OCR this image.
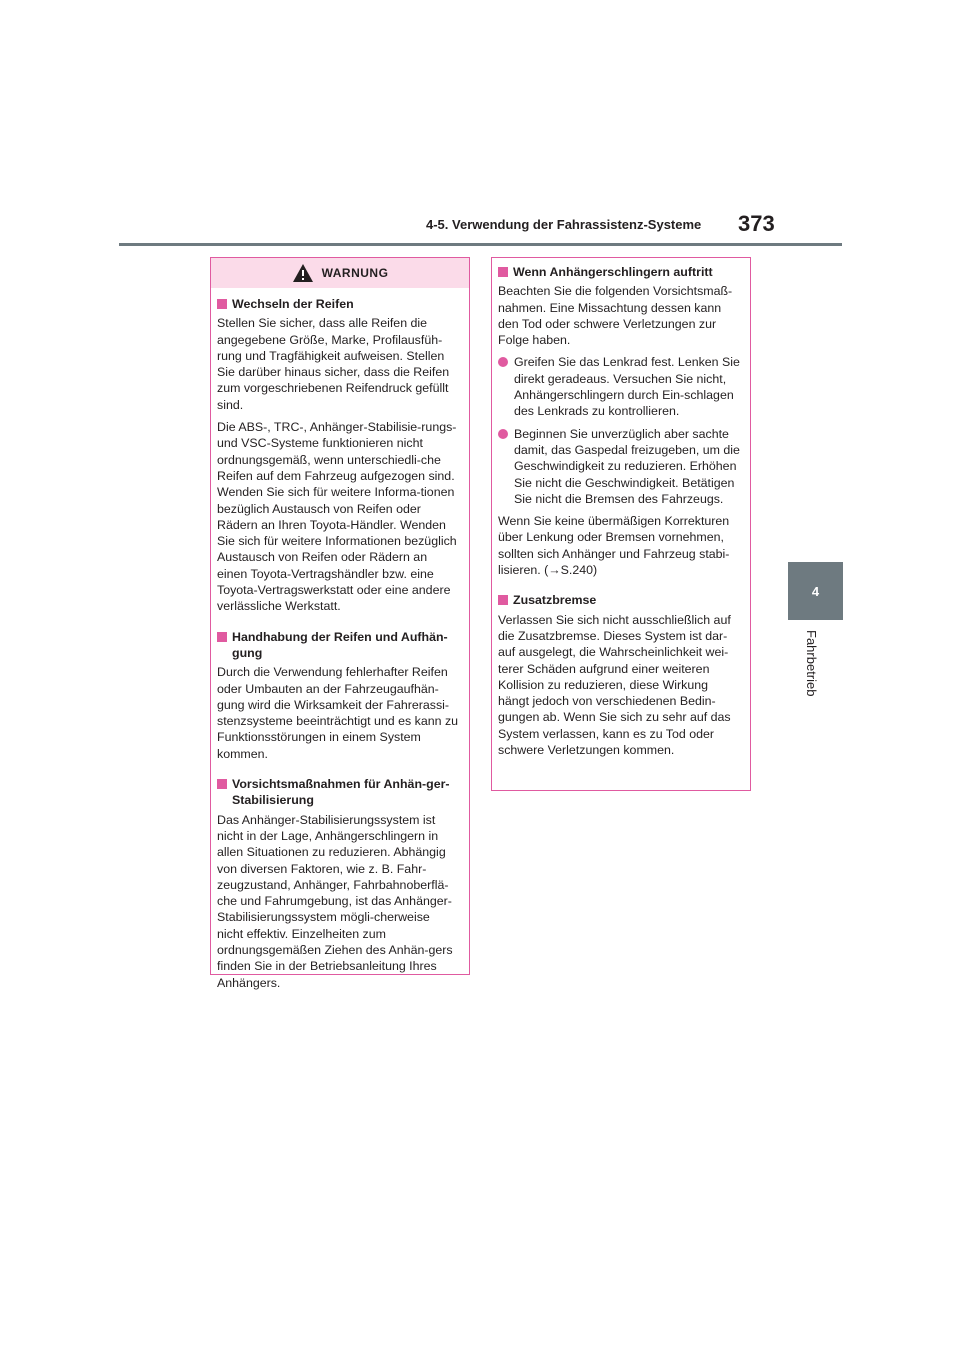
4-5. Verwendung der Fahrassistenz-Systeme 373
4
Fahrbetrieb
WARNUNG
Wechseln der Reifen

Stellen Sie sicher, dass alle Reifen die angegebene Größe, Marke, Profilausfüh-rung und Tragfähigkeit aufweisen. Stellen Sie darüber hinaus sicher, dass die Reifen zum vorgeschriebenen Reifendruck gefüllt sind.

Die ABS-, TRC-, Anhänger-Stabilisie-rungs- und VSC-Systeme funktionieren nicht ordnungsgemäß, wenn unterschiedli-che Reifen auf dem Fahrzeug aufgezogen sind. Wenden Sie sich für weitere Informa-tionen bezüglich Austausch von Reifen oder Rädern an Ihren Toyota-Händler. Wenden Sie sich für weitere Informationen bezüglich Austausch von Reifen oder Rädern an einen Toyota-Vertragshändler bzw. eine Toyota-Vertragswerkstatt oder eine andere verlässliche Werkstatt.

Handhabung der Reifen und Aufhän-gung

Durch die Verwendung fehlerhafter Reifen oder Umbauten an der Fahrzeugaufhän-gung wird die Wirksamkeit der Fahrerassi-stenzsysteme beeinträchtigt und es kann zu Funktionsstörungen in einem System kommen.

Vorsichtsmaßnahmen für Anhän-ger-Stabilisierung

Das Anhänger-Stabilisierungssystem ist nicht in der Lage, Anhängerschlingern in allen Situationen zu reduzieren. Abhängig von diversen Faktoren, wie z. B. Fahr-zeugzustand, Anhänger, Fahrbahnoberflä-che und Fahrumgebung, ist das Anhänger-Stabilisierungssystem mögli-cherweise nicht effektiv. Einzelheiten zum ordnungsgemäßen Ziehen des Anhän-gers finden Sie in der Betriebsanleitung Ihres Anhängers.

Wenn Anhängerschlingern auftritt

Beachten Sie die folgenden Vorsichtsmaß-nahmen. Eine Missachtung dessen kann den Tod oder schwere Verletzungen zur Folge haben.

Greifen Sie das Lenkrad fest. Lenken Sie direkt geradeaus. Versuchen Sie nicht, Anhängerschlingern durch Ein-schlagen des Lenkrads zu kontrollieren.
Beginnen Sie unverzüglich aber sachte damit, das Gaspedal freizugeben, um die Geschwindigkeit zu reduzieren. Erhöhen Sie nicht die Geschwindigkeit. Betätigen Sie nicht die Bremsen des Fahrzeugs.

Wenn Sie keine übermäßigen Korrekturen über Lenkung oder Bremsen vornehmen, sollten sich Anhänger und Fahrzeug stabi-lisieren. (→S.240)

Zusatzbremse

Verlassen Sie sich nicht ausschließlich auf die Zusatzbremse. Dieses System ist dar-auf ausgelegt, die Wahrscheinlichkeit wei-terer Schäden aufgrund einer weiteren Kollision zu reduzieren, diese Wirkung hängt jedoch von verschiedenen Bedin-gungen ab. Wenn Sie sich zu sehr auf das System verlassen, kann es zu Tod oder schwere Verletzungen kommen.
